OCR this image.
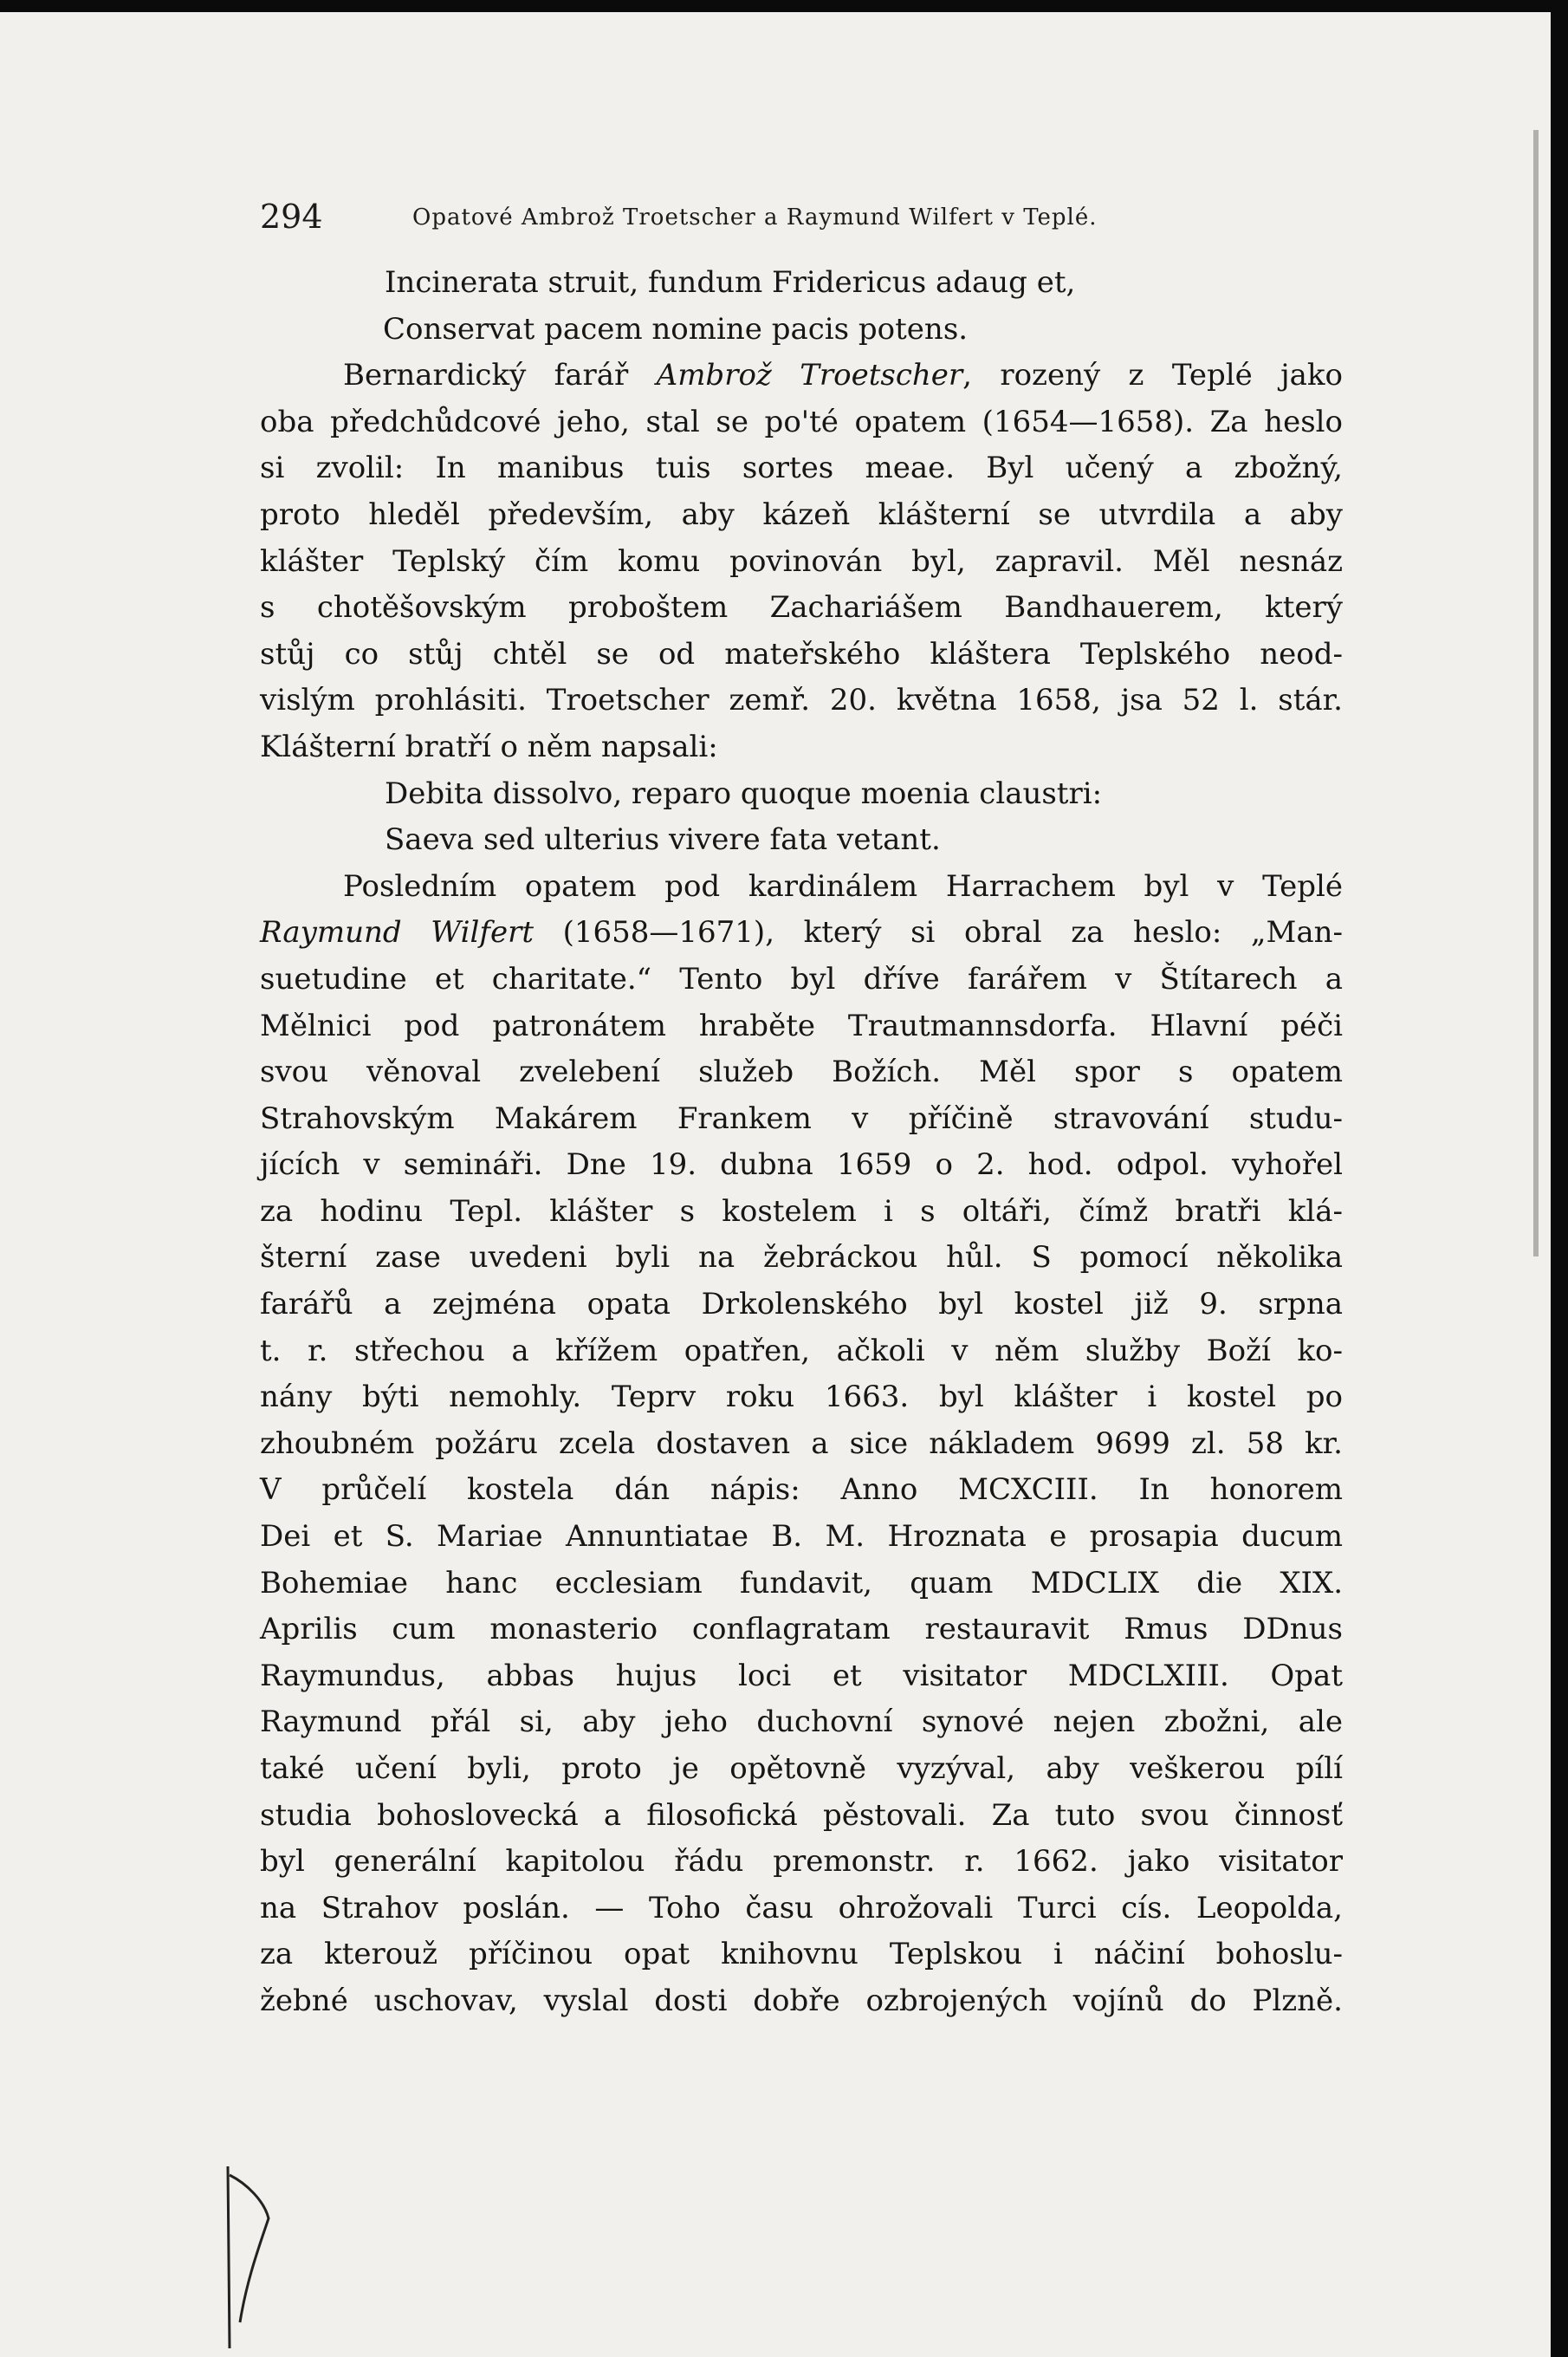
294	Opatové Ambrož Troetscher a Raymund Wilfert v Teplé.
Incinerata struit, fundum Fridericus adaug et,
Conservat pacem nomine pacis potens.
Bernardický farář Ambrož Troetscher, rozený z Teplé jako
oba předchůdcové jeho, stal se po'té opatem (1654—1658). Za heslo
si zvolil: In manibus tuis sortes meae. Byl učený a zbožný,
proto hleděl především, aby kázeň klášterní se utvrdila a aby
klášter Teplský čím komu povinován byl, zapravil. Měl nesnáz
s chotěšovským proboštem Zachariášem Bandhauerem, který
stůj co stůj chtěl se od mateřského kláštera Teplského neod-
vislým prohlásiti. Troetscher zemř. 20. května 1658, jsa 52 l. stár.
Klášterní bratří o něm napsali:
Debita dissolvo, reparo quoque moenia claustri:
Saeva sed ulterius vivere fata vetant.
Posledním opatem pod kardinálem Harrachem byl v Teplé
Raymund Wilfert (1658—1671), který si obral za heslo: „Man-
suetudine et charitate.“ Tento byl dříve farářem v Štítarech a
Mělnici pod patronátem hraběte Trautmannsdorfa. Hlavní péči
svou věnoval zvelebení služeb Božích. Měl spor s opatem
Strahovským Makárem Frankem v příčině stravování studu-
jících v semináři. Dne 19. dubna 1659 o 2. hod. odpol. vyhořel
za hodinu Tepl. klášter s kostelem i s oltáři, čímž bratři klá-
šterní zase uvedeni byli na žebráckou hůl. S pomocí několika
farářů a zejména opata Drkolenského byl kostel již 9. srpna
t. r. střechou a křížem opatřen, ačkoli v něm služby Boží ko-
nány býti nemohly. Teprv roku 1663. byl klášter i kostel po
zhoubném požáru zcela dostaven a sice nákladem 9699 zl. 58 kr.
V průčelí kostela dán nápis: Anno MCXCIII. In honorem
Dei et S. Mariae Annuntiatae B. M. Hroznata e prosapia ducum
Bohemiae hanc ecclesiam fundavit, quam MDCLIX die XIX.
Aprilis cum monasterio conflagratam restauravit Rmus DDnus
Raymundus, abbas hujus loci et visitator MDCLXIII. Opat
Raymund přál si, aby jeho duchovní synové nejen zbožni, ale
také učení byli, proto je opětovně vyzýval, aby veškerou pílí
studia bohoslovecká a filosofická pěstovali. Za tuto svou činnosť
byl generální kapitolou řádu premonstr. r. 1662. jako visitator
na Strahov poslán. — Toho času ohrožovali Turci cís. Leopolda,
za kterouž příčinou opat knihovnu Teplskou i náčiní bohoslu-
žebné uschovav, vyslal dosti dobře ozbrojených vojínů do Plzně.
